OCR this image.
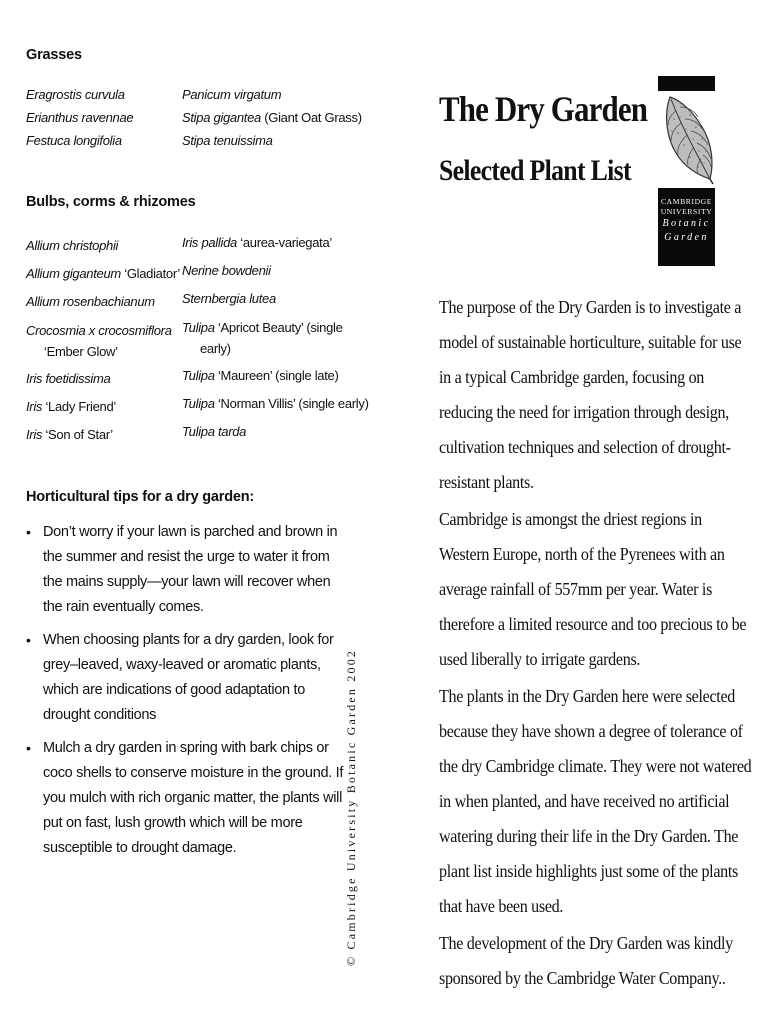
Grasses
Eragrostis curvula
Erianthus ravennae
Festuca longifolia
Panicum virgatum
Stipa gigantea (Giant Oat Grass)
Stipa tenuissima
Bulbs, corms & rhizomes
Allium christophii
Allium giganteum ‘Gladiator’
Allium rosenbachianum
Crocosmia x crocosmiflora
‘Ember Glow’
Iris foetidissima
Iris ‘Lady Friend’
Iris ‘Son of Star’
Iris pallida ‘aurea-variegata’
Nerine bowdenii
Sternbergia lutea
Tulipa ‘Apricot Beauty’ (single
early)
Tulipa ‘Maureen’ (single late)
Tulipa ‘Norman Villis’ (single early)
Tulipa tarda
Horticultural tips for a dry garden:
• Don’t worry if your lawn is parched and brown in the summer and resist the urge to water it from the mains supply—your lawn will recover when the rain eventually comes.
• When choosing plants for a dry garden, look for grey–leaved, waxy-leaved or aromatic plants, which are indications of good adaptation to drought conditions
• Mulch a dry garden in spring with bark chips or coco shells to conserve moisture in the ground. If you mulch with rich organic matter, the plants will put on fast, lush growth which will be more susceptible to drought damage.	© Cambridge University Botanic Garden 2002
The Dry Garden
Selected Plant List
CAMBRIDGE
UNIVERSITY
Botanic
Garden

The purpose of the Dry Garden is to investigate a model of sustainable horticulture, suitable for use in a typical Cambridge garden, focusing on reducing the need for irrigation through design, cultivation techniques and selection of drought-resistant plants.

Cambridge is amongst the driest regions in Western Europe, north of the Pyrenees with an average rainfall of 557mm per year. Water is therefore a limited resource and too precious to be used liberally to irrigate gardens.

The plants in the Dry Garden here were selected because they have shown a degree of tolerance of the dry Cambridge climate. They were not watered in when planted, and have received no artificial watering during their life in the Dry Garden. The plant list inside highlights just some of the plants that have been used.

The development of the Dry Garden was kindly sponsored by the Cambridge Water Company..
